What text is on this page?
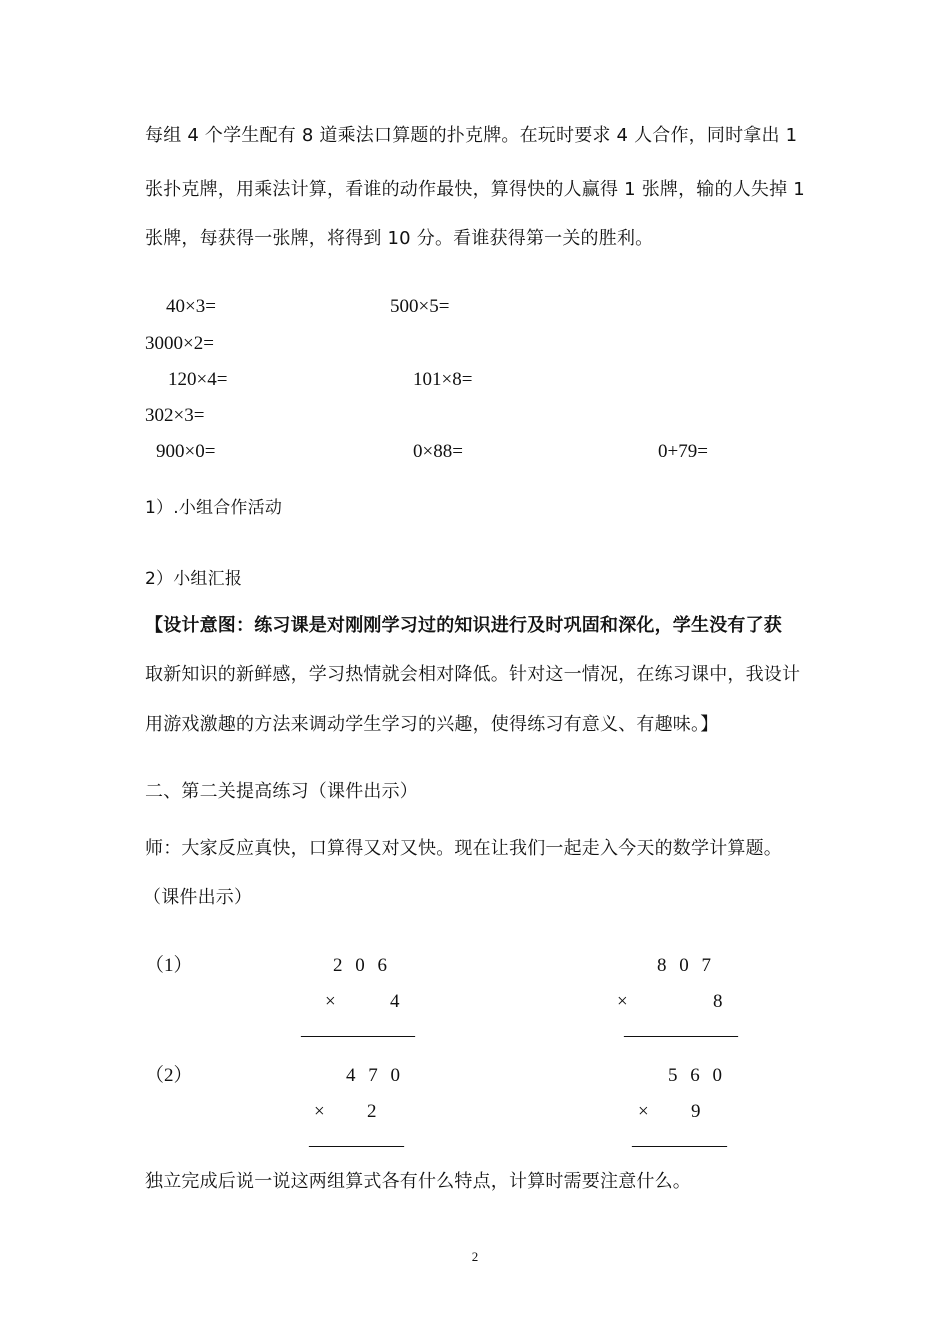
每组 4 个学生配有 8 道乘法口算题的扑克牌。在玩时要求 4 人合作，同时拿出 1
张扑克牌，用乘法计算，看谁的动作最快，算得快的人赢得 1 张牌，输的人失掉 1
张牌，每获得一张牌，将得到 10 分。看谁获得第一关的胜利。
40×3=	500×5=
3000×2=
120×4=	101×8=
302×3=
900×0=	0×88=	0+79=
1）.小组合作活动
2）小组汇报
【设计意图：练习课是对刚刚学习过的知识进行及时巩固和深化，学生没有了获
取新知识的新鲜感，学习热情就会相对降低。针对这一情况，在练习课中，我设计
用游戏激趣的方法来调动学生学习的兴趣，使得练习有意义、有趣味。】
二、第二关提高练习（课件出示）
师：大家反应真快，口算得又对又快。现在让我们一起走入今天的数学计算题。
（课件出示）
（1）	2 0 6
×	4
——————
8 0 7
×	8
——————
（2）	4 7 0
× 2
—————
5 6 0
× 9
—————
独立完成后说一说这两组算式各有什么特点，计算时需要注意什么。
2
